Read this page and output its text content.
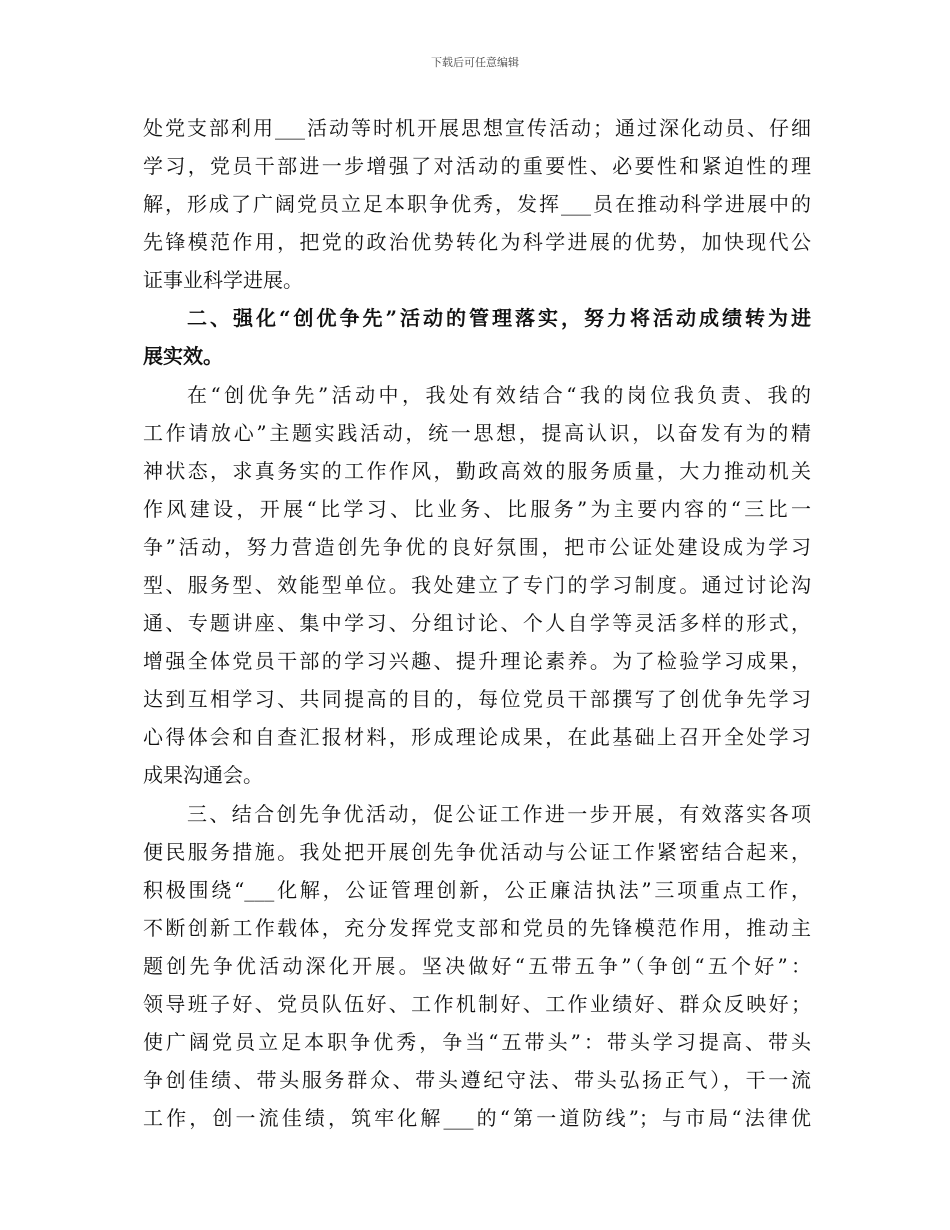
下载后可任意编辑
处党支部利用___活动等时机开展思想宣传活动；通过深化动员、仔细
学习，党员干部进一步增强了对活动的重要性、必要性和紧迫性的理
解，形成了广阔党员立足本职争优秀，发挥___员在推动科学进展中的
先锋模范作用，把党的政治优势转化为科学进展的优势，加快现代公
证事业科学进展。
二、强化“创优争先”活动的管理落实，努力将活动成绩转为进
展实效。
在“创优争先”活动中，我处有效结合“我的岗位我负责、我的
工作请放心”主题实践活动，统一思想，提高认识，以奋发有为的精
神状态，求真务实的工作作风，勤政高效的服务质量，大力推动机关
作风建设，开展“比学习、比业务、比服务”为主要内容的“三比一
争”活动，努力营造创先争优的良好氛围，把市公证处建设成为学习
型、服务型、效能型单位。我处建立了专门的学习制度。通过讨论沟
通、专题讲座、集中学习、分组讨论、个人自学等灵活多样的形式，
增强全体党员干部的学习兴趣、提升理论素养。为了检验学习成果，
达到互相学习、共同提高的目的，每位党员干部撰写了创优争先学习
心得体会和自查汇报材料，形成理论成果，在此基础上召开全处学习
成果沟通会。
三、结合创先争优活动，促公证工作进一步开展，有效落实各项
便民服务措施。我处把开展创先争优活动与公证工作紧密结合起来，
积极围绕“___化解，公证管理创新，公正廉洁执法”三项重点工作，
不断创新工作载体，充分发挥党支部和党员的先锋模范作用，推动主
题创先争优活动深化开展。坚决做好“五带五争”（争创“五个好”：
领导班子好、党员队伍好、工作机制好、工作业绩好、群众反映好；
使广阔党员立足本职争优秀，争当“五带头”：带头学习提高、带头
争创佳绩、带头服务群众、带头遵纪守法、带头弘扬正气），干一流
工作，创一流佳绩，筑牢化解___的“第一道防线”；与市局“法律优
